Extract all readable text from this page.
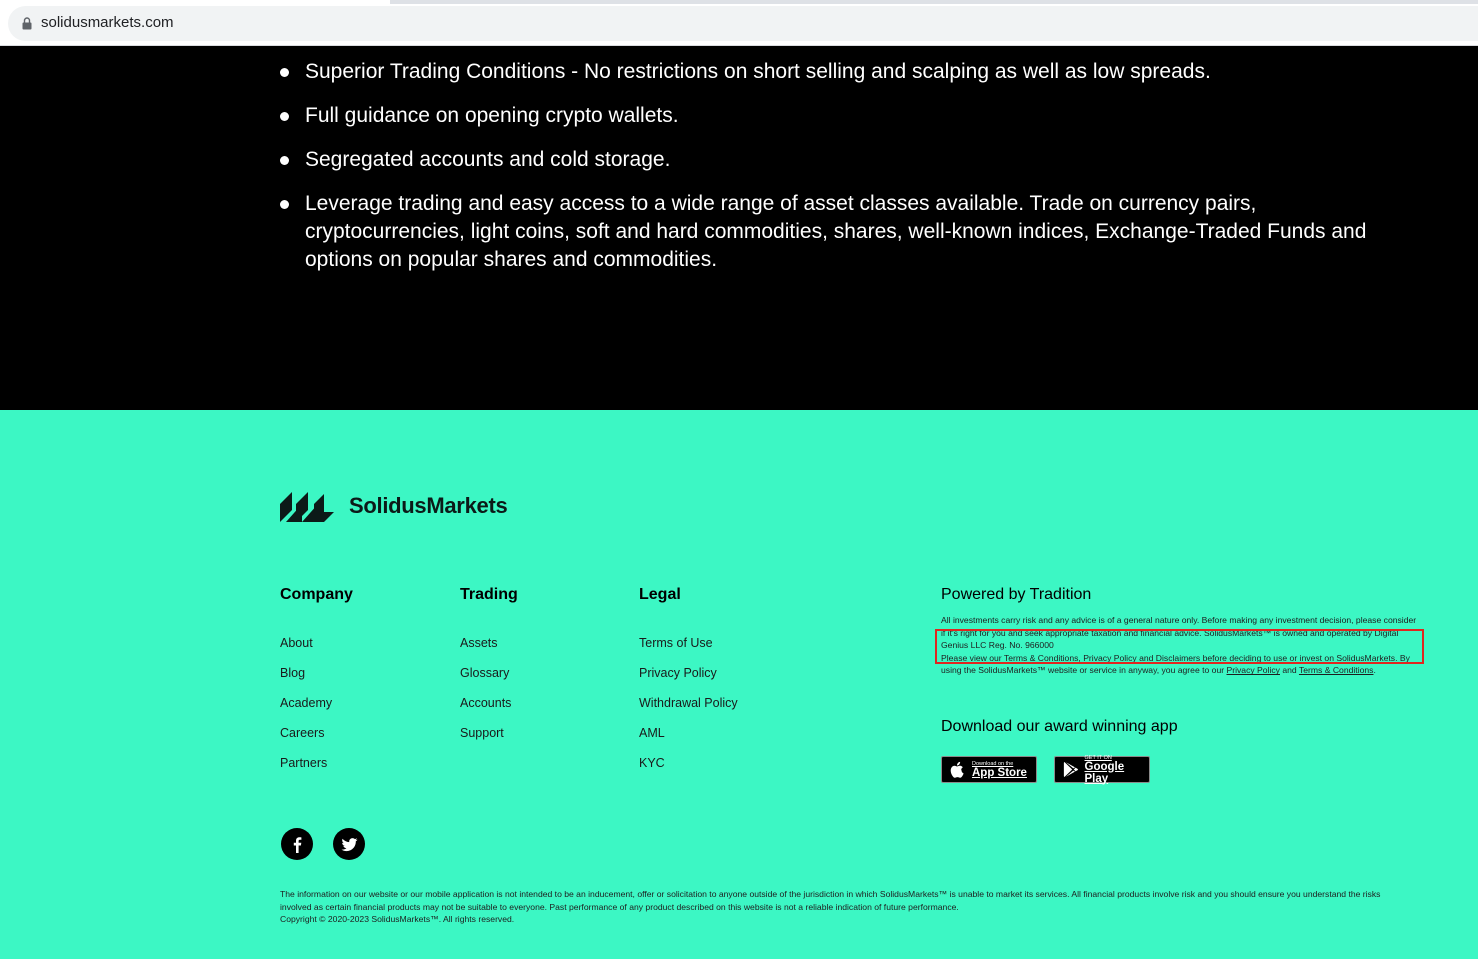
solidusmarkets.com
Superior Trading Conditions - No restrictions on short selling and scalping as well as low spreads.
Full guidance on opening crypto wallets.
Segregated accounts and cold storage.
Leverage trading and easy access to a wide range of asset classes available. Trade on currency pairs, cryptocurrencies, light coins, soft and hard commodities, shares, well-known indices, Exchange-Traded Funds and options on popular shares and commodities.
SolidusMarkets
Company
About
Blog
Academy
Careers
Partners
Trading
Assets
Glossary
Accounts
Support
Legal
Terms of Use
Privacy Policy
Withdrawal Policy
AML
KYC
Powered by Tradition

All investments carry risk and any advice is of a general nature only. Before making any investment decision, please consider if it's right for you and seek appropriate taxation and financial advice. SolidusMarkets™ is owned and operated by Digital Genius LLC Reg. No. 966000
Please view our Terms & Conditions, Privacy Policy and Disclaimers before deciding to use or invest on SolidusMarkets. By using the SolidusMarkets™ website or service in anyway, you agree to our Privacy Policy and Terms & Conditions.

Download our award winning app
Download on the
App Store
GET IT ON
Google Play

The information on our website or our mobile application is not intended to be an inducement, offer or solicitation to anyone outside of the jurisdiction in which SolidusMarkets™ is unable to market its services. All financial products involve risk and you should ensure you understand the risks involved as certain financial products may not be suitable to everyone. Past performance of any product described on this website is not a reliable indication of future performance.

Copyright © 2020-2023 SolidusMarkets™. All rights reserved.
